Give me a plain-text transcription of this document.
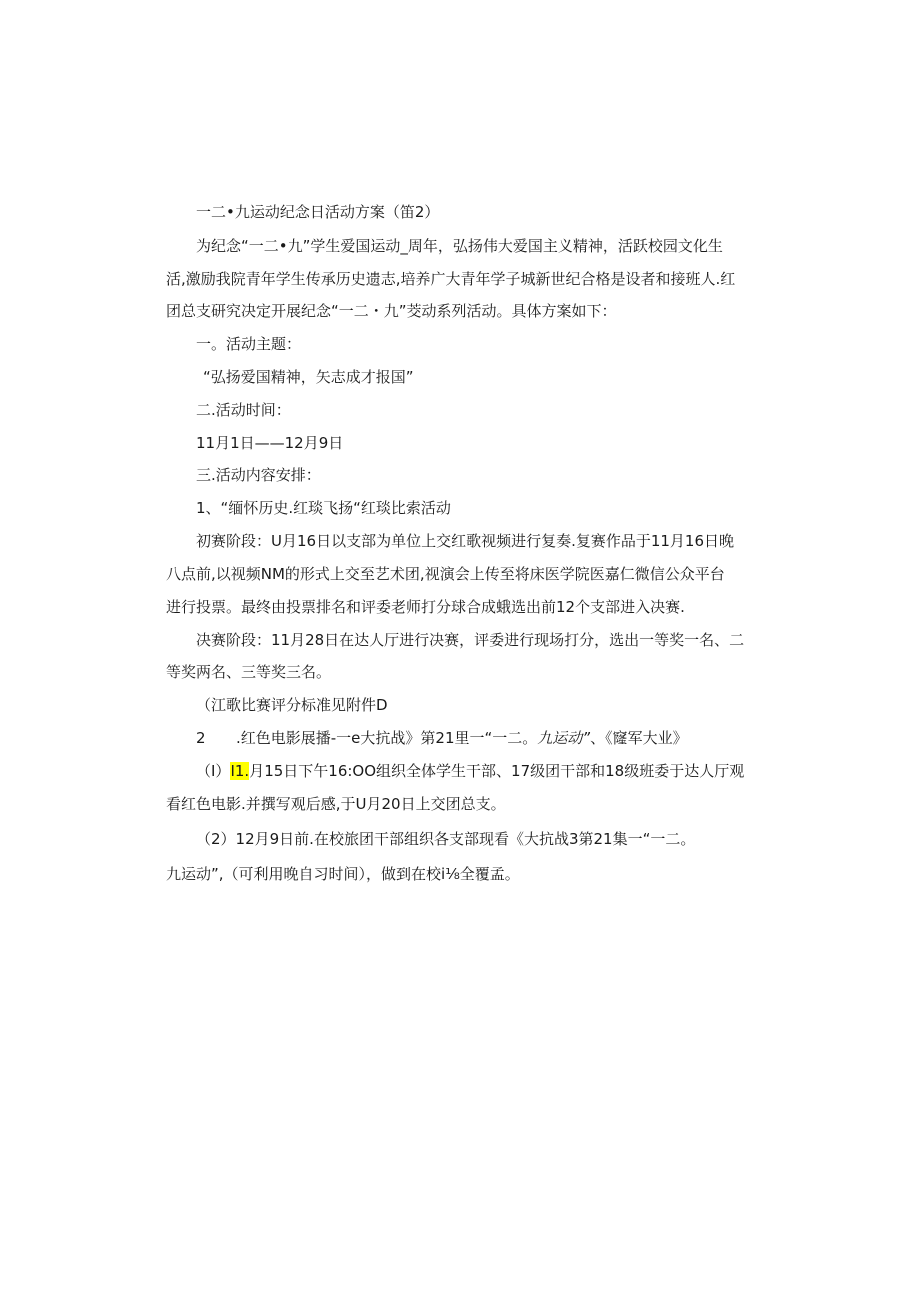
一二•九运动纪念日活动方案（笛2）
为纪念“一二•九”学生爱国运动_周年，弘扬伟大爱国主义精神，活跃校园文化生
活,激励我院青年学生传承历史遗志,培养广大青年学子城新世纪合格是设者和接班人.红
团总支研究决定开展纪念“一二・九”茭动系列活动。具体方案如下：
一。活动主题：
“弘扬爱国精神，矢志成才报国”
二.活动时间：
11月1日——12月9日
三.活动内容安排：
1、“缅怀历史.红琰飞扬“红琰比索活动
初赛阶段：U月16日以支部为单位上交红歌视频进行复奏.复赛作品于11月16日晚
八点前,以视频NM的形式上交至艺术团,视演会上传至将床医学院医嘉仁微信公众平台
进行投票。最终由投票排名和评委老师打分球合成蛾选出前12个支部进入决赛.
决赛阶段：11月28日在达人厅进行决赛，评委进行现场打分，选出一等奖一名、二
等奖两名、三等奖三名。
（江歌比赛评分标准见附件D
2 .红色电影展播-一e大抗战》第21里一“一二。九运动”、《窿军大业》
（I）I1.月15日下午16:OO组织全体学生干部、17级团干部和18级班委于达人厅观
看红色电影.并撰写观后感,于U月20日上交团总支。
（2）12月9日前.在校旅团干部组织各支部现看《大抗战3第21集一“一二。
九运动”,（可利用晚自习时间），做到在校i⅛全覆孟。
